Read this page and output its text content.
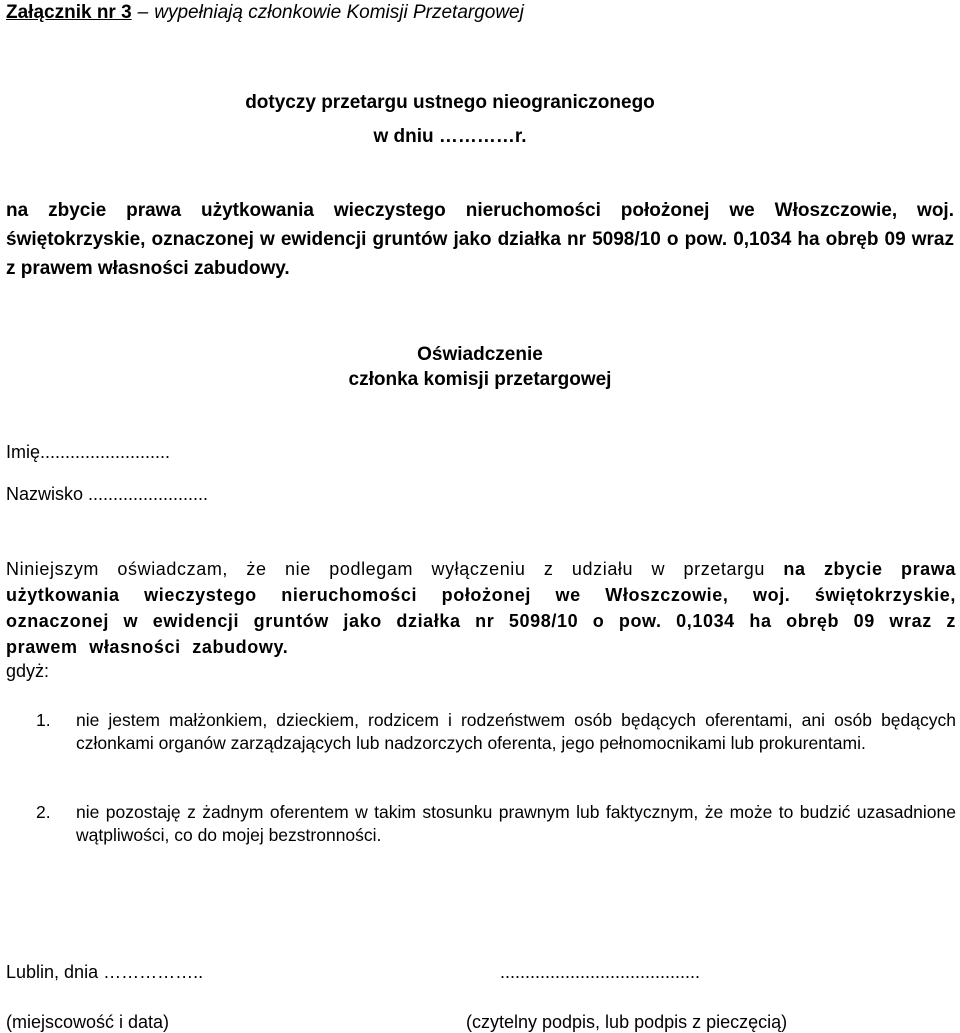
Załącznik nr 3 – wypełniają członkowie Komisji Przetargowej
dotyczy przetargu ustnego nieograniczonego
w dniu …………r.
na zbycie prawa użytkowania wieczystego nieruchomości położonej we Włoszczowie, woj. świętokrzyskie, oznaczonej w ewidencji gruntów jako działka nr 5098/10 o pow. 0,1034 ha obręb 09 wraz z prawem własności zabudowy.
Oświadczenie
członka komisji przetargowej
Imię..........................
Nazwisko ........................
Niniejszym oświadczam, że nie podlegam wyłączeniu z udziału w przetargu na zbycie prawa użytkowania wieczystego nieruchomości położonej we Włoszczowie, woj. świętokrzyskie, oznaczonej w ewidencji gruntów jako działka nr 5098/10 o pow. 0,1034 ha obręb 09 wraz z prawem własności zabudowy.
gdyż:
1. nie jestem małżonkiem, dzieckiem, rodzicem i rodzeństwem osób będących oferentami, ani osób będących członkami organów zarządzających lub nadzorczych oferenta, jego pełnomocnikami lub prokurentami.
2. nie pozostaję z żadnym oferentem w takim stosunku prawnym lub faktycznym, że może to budzić uzasadnione wątpliwości, co do mojej bezstronności.
Lublin, dnia ……………..	........................................
(miejscowość i data)	(czytelny podpis, lub podpis z pieczęcią)
